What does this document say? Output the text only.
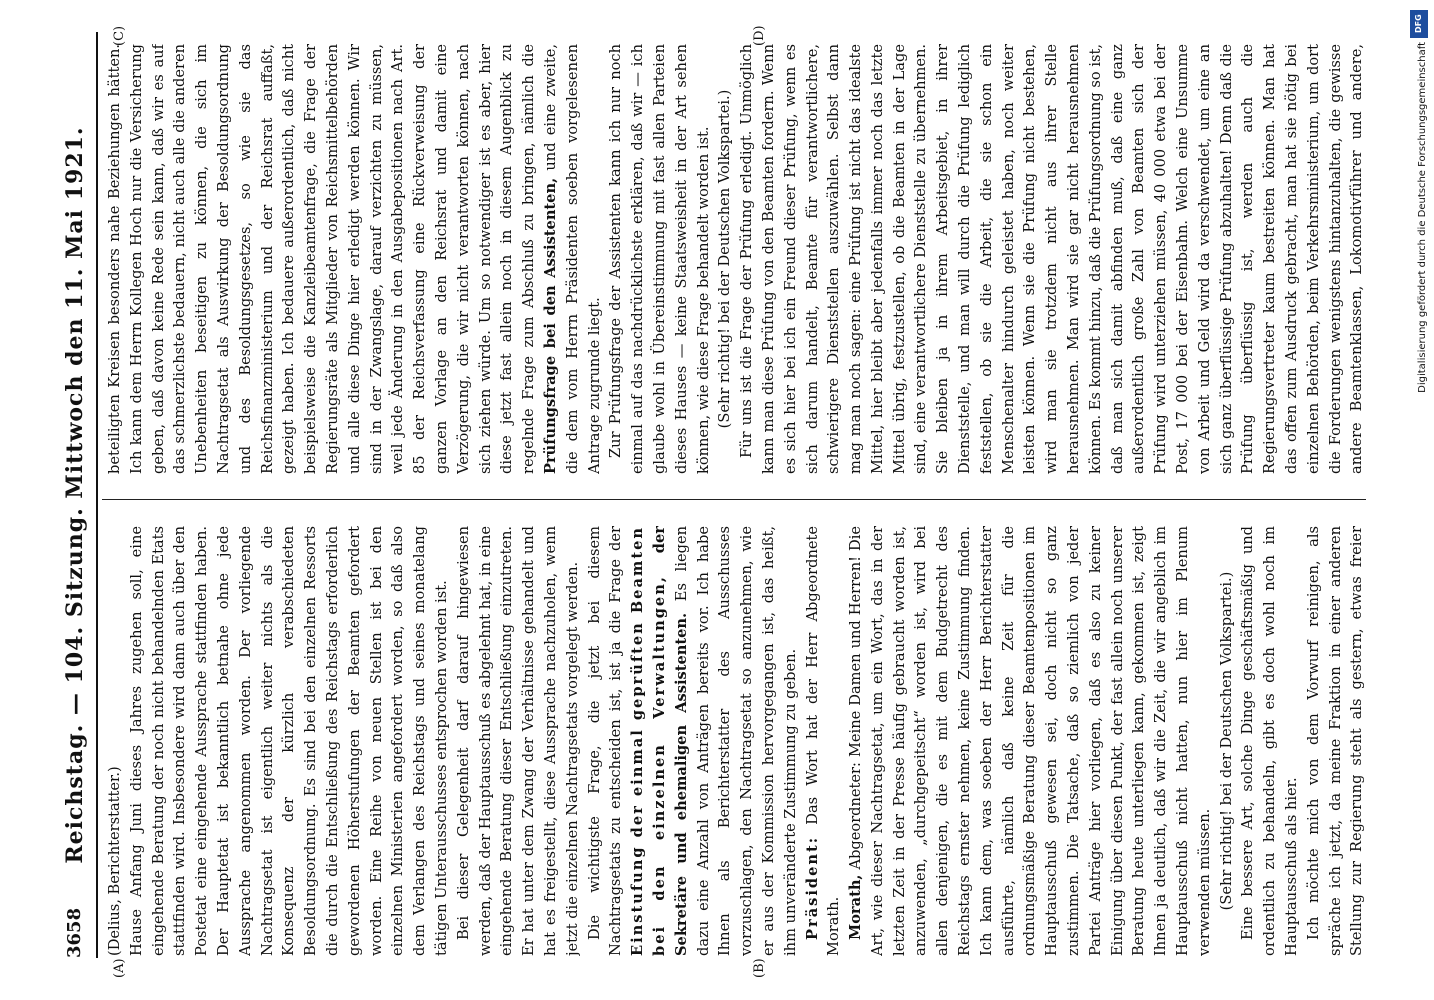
3658
Reichstag. — 104. Sitzung. Mittwoch den 11. Mai 1921.
(A)	(B)
(C)	(D)

(Delius, Berichterstatter.) Hause Anfang Juni dieses Jahres zugehen soll, eine eingehende Beratung der noch nicht behandelnden Etats stattfinden wird. Insbesondere wird dann auch über den Postetat eine eingehende Aussprache stattfinden haben. Der Hauptetat ist bekanntlich betnahe ohne jede Aussprache angenommen worden. Der vorliegende Nachtragsetat ist eigentlich weiter nichts als die Konsequenz der kürzlich verabschiedeten Besoldungsordnung. Es sind bei den einzelnen Ressorts die durch die Entschließung des Reichstags erforderlich gewordenen Höherstufungen der Beamten gefordert worden. Eine Reihe von neuen Stellen ist bei den einzelnen Ministerien angefordert worden, so daß also dem Verlangen des Reichstags und seines monatelang tätigen Unterausschusses entsprochen worden ist. Bei dieser Gelegenheit darf darauf hingewiesen werden, daß der Hauptausschuß es abgelehnt hat, in eine eingehende Beratung dieser Entschließung einzutreten. Er hat unter dem Zwang der Verhältnisse gehandelt und hat es freigestellt, diese Aussprache nachzuholen, wenn jetzt die einzelnen Nachtragsetats vorgelegt werden. Die wichtigste Frage, die jetzt bei diesem Nachtragsetats zu entscheiden ist, ist ja die Frage der Einstufung der einmal geprüften Beamten bei den einzelnen Verwaltungen, der Sekretäre und ehemaligen Assistenten. Es liegen dazu eine Anzahl von Anträgen bereits vor. Ich habe Ihnen als Berichterstatter des Ausschusses vorzuschlagen, den Nachtragsetat so anzunehmen, wie er aus der Kommission hervorgegangen ist, das heißt, ihm unveränderte Zustimmung zu geben. Präsident: Das Wort hat der Herr Abgeordnete Morath. Morath, Abgeordneter: Meine Damen und Herren! Die Art, wie dieser Nachtragsetat, um ein Wort, das in der letzten Zeit in der Presse häufig gebraucht worden ist, anzuwenden, „durchgepeitscht“ worden ist, wird bei allen denjenigen, die es mit dem Budgetrecht des Reichstags ernster nehmen, keine Zustimmung finden. Ich kann dem, was soeben der Herr Berichterstatter ausführte, nämlich daß keine Zeit für die ordnungsmäßige Beratung dieser Beamtenpositionen im Hauptausschuß gewesen sei, doch nicht so ganz zustimmen. Die Tatsache, daß so ziemlich von jeder Partei Anträge hier vorliegen, daß es also zu keiner Einigung über diesen Punkt, der fast allein noch unserer Beratung heute unterliegen kann, gekommen ist, zeigt Ihnen ja deutlich, daß wir die Zeit, die wir angeblich im Hauptausschuß nicht hatten, nun hier im Plenum verwenden müssen. (Sehr richtig! bei der Deutschen Volkspartei.) Eine bessere Art, solche Dinge geschäftsmäßig und ordentlich zu behandeln, gibt es doch wohl noch im Hauptausschuß als hier. Ich möchte mich von dem Vorwurf reinigen, als spräche ich jetzt, da meine Fraktion in einer anderen Stellung zur Regierung steht als gestern, etwas freier

beteiligten Kreisen besonders nahe Beziehungen hätten. Ich kann dem Herrn Kollegen Hoch nur die Versicherung geben, daß davon keine Rede sein kann, daß wir es auf das schmerzlichste bedauern, nicht auch alle die anderen Unebenheiten beseitigen zu können, die sich im Nachtragsetat als Auswirkung der Besoldungsordnung und des Besoldungsgesetzes, so wie sie das Reichsfinanzministerium und der Reichsrat auffaßt, gezeigt haben. Ich bedauere außerordentlich, daß nicht beispielsweise die Kanzleibeamtenfrage, die Frage der Regierungsräte als Mitglieder von Reichsmittelbehörden und alle diese Dinge hier erledigt werden können. Wir sind in der Zwangslage, darauf verzichten zu müssen, weil jede Änderung in den Ausgabepositionen nach Art. 85 der Reichsverfassung eine Rückverweisung der ganzen Vorlage an den Reichsrat und damit eine Verzögerung, die wir nicht verantworten können, nach sich ziehen würde. Um so notwendiger ist es aber, hier diese jetzt fast allein noch in diesem Augenblick zu regelnde Frage zum Abschluß zu bringen, nämlich die Prüfungsfrage bei den Assistenten, und eine zweite, die dem vom Herrn Präsidenten soeben vorgelesenen Antrage zugrunde liegt. Zur Prüfungsfrage der Assistenten kann ich nur noch einmal auf das nachdrücklichste erklären, daß wir — ich glaube wohl in Übereinstimmung mit fast allen Parteien dieses Hauses — keine Staatsweisheit in der Art sehen können, wie diese Frage behandelt worden ist. (Sehr richtig! bei der Deutschen Volkspartei.)

Für uns ist die Frage der Prüfung erledigt. Unmöglich kann man diese Prüfung von den Beamten fordern. Wenn es sich hier bei ich ein Freund dieser Prüfung, wenn es sich darum handelt, Beamte für verantwortlichere, schwierigere Dienststellen auszuwählen. Selbst dann mag man noch sagen: eine Prüfung ist nicht das idealste Mittel, hier bleibt aber jedenfalls immer noch das letzte Mittel übrig, festzustellen, ob die Beamten in der Lage sind, eine verantwortlichere Dienststelle zu übernehmen. Sie bleiben ja in ihrem Arbeitsgebiet, in ihrer Dienststelle, und man will durch die Prüfung lediglich feststellen, ob sie die Arbeit, die sie schon ein Menschenalter hindurch geleistet haben, noch weiter leisten können. Wenn sie die Prüfung nicht bestehen, wird man sie trotzdem nicht aus ihrer Stelle herausnehmen. Man wird sie gar nicht herausnehmen können. Es kommt hinzu, daß die Prüfungsordnung so ist, daß man sich damit abfinden muß, daß eine ganz außerordentlich große Zahl von Beamten sich der Prüfung wird unterziehen müssen, 40 000 etwa bei der Post, 17 000 bei der Eisenbahn. Welch eine Unsumme von Arbeit und Geld wird da verschwendet, um eine an sich ganz überflüssige Prüfung abzuhalten! Denn daß die Prüfung überflüssig ist, werden auch die Regierungsvertreter kaum bestreiten können. Man hat das offen zum Ausdruck gebracht, man hat sie nötig bei einzelnen Behörden, beim Verkehrsministerium, um dort die Forderungen wenigstens hintanzuhalten, die gewisse andere Beamtenklassen, Lokomotivführer und andere,

DFG
Digitalisierung gefördert durch die Deutsche Forschungsgemeinschaft
